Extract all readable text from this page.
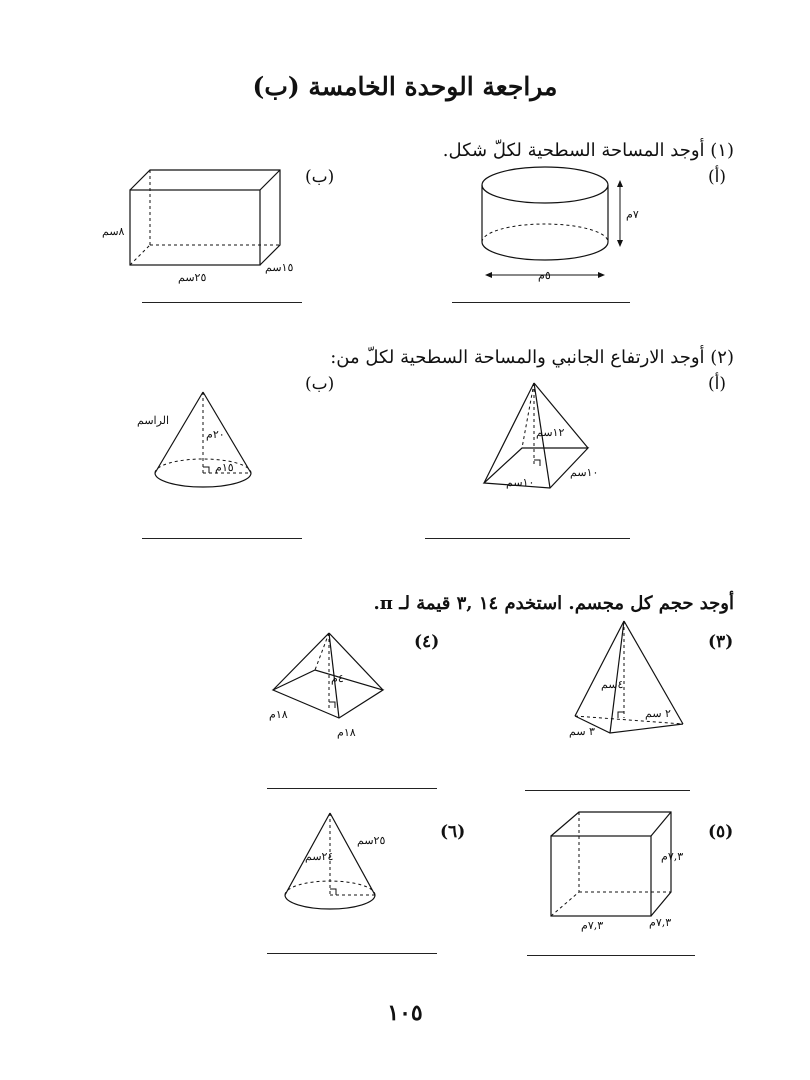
مراجعة الوحدة الخامسة (ب)
(١) أوجد المساحة السطحية لكلّ شكل.
(أ)
(ب)
٧م
٥م
٨سم
١٥سم
٢٥سم
(٢) أوجد الارتفاع الجانبي والمساحة السطحية لكلّ من:
(أ)
(ب)
١٢سم
١٠سم
١٠سم
الراسم
٢٠م
١٥م
أوجد حجم كل مجسم. استخدم ١٤ ,٣ قيمة لـ π.
(٣)
(٤)
٤سم
٢ سم
٣ سم
٤م
١٨م
١٨م
(٥)
(٦)
٧,٣م
٧,٣م
٧,٣م
٢٤سم
٢٥سم
١٠٥
